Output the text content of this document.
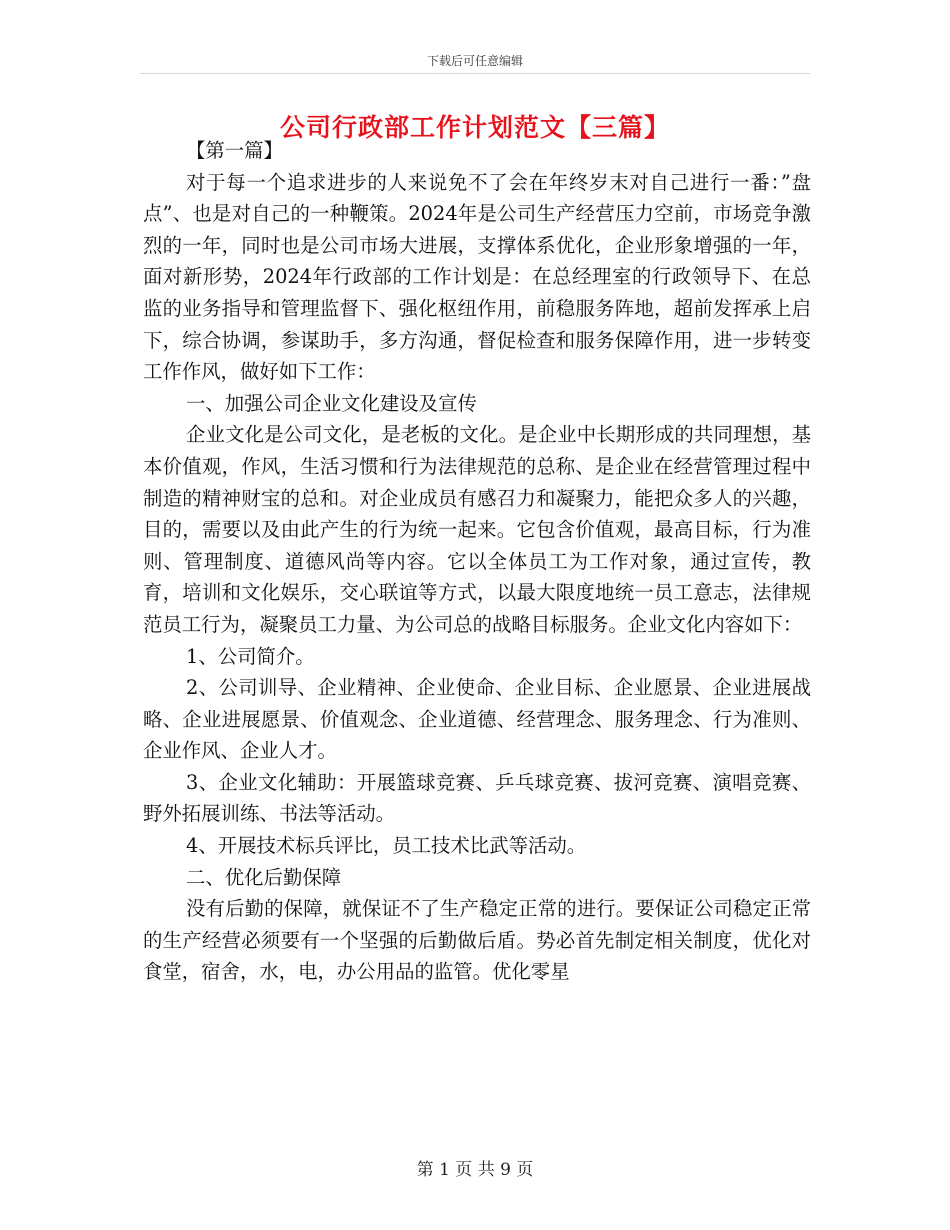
下载后可任意编辑
公司行政部工作计划范文【三篇】
【第一篇】

对于每一个追求进步的人来说免不了会在年终岁末对自己进行一番：”盘点”、也是对自己的一种鞭策。2024年是公司生产经营压力空前，市场竞争激烈的一年，同时也是公司市场大进展，支撑体系优化，企业形象增强的一年，面对新形势，2024年行政部的工作计划是：在总经理室的行政领导下、在总监的业务指导和管理监督下、强化枢纽作用，前稳服务阵地，超前发挥承上启下，综合协调，参谋助手，多方沟通，督促检查和服务保障作用，进一步转变工作作风，做好如下工作：

一、加强公司企业文化建设及宣传

企业文化是公司文化，是老板的文化。是企业中长期形成的共同理想，基本价值观，作风，生活习惯和行为法律规范的总称、是企业在经营管理过程中制造的精神财宝的总和。对企业成员有感召力和凝聚力，能把众多人的兴趣，目的，需要以及由此产生的行为统一起来。它包含价值观，最高目标，行为准则、管理制度、道德风尚等内容。它以全体员工为工作对象，通过宣传，教育，培训和文化娱乐，交心联谊等方式，以最大限度地统一员工意志，法律规范员工行为，凝聚员工力量、为公司总的战略目标服务。企业文化内容如下：

1、公司简介。

2、公司训导、企业精神、企业使命、企业目标、企业愿景、企业进展战略、企业进展愿景、价值观念、企业道德、经营理念、服务理念、行为准则、企业作风、企业人才。

3、企业文化辅助：开展篮球竞赛、乒乓球竞赛、拔河竞赛、演唱竞赛、野外拓展训练、书法等活动。

4、开展技术标兵评比，员工技术比武等活动。

二、优化后勤保障

没有后勤的保障，就保证不了生产稳定正常的进行。要保证公司稳定正常的生产经营必须要有一个坚强的后勤做后盾。势必首先制定相关制度，优化对食堂，宿舍，水，电，办公用品的监管。优化零星

第 1 页 共 9 页
